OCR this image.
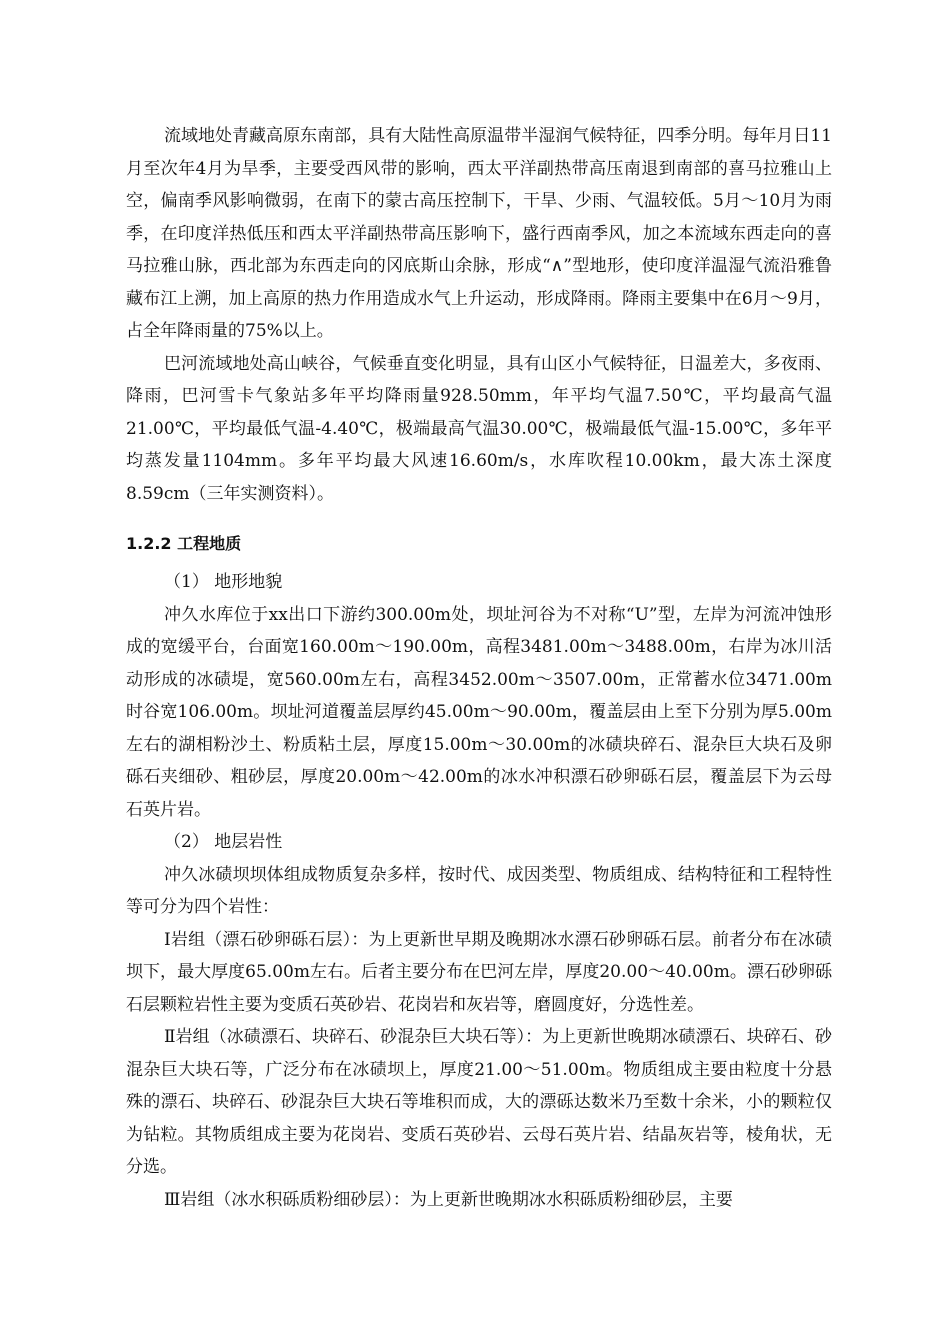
流域地处青藏高原东南部，具有大陆性高原温带半湿润气候特征，四季分明。每年月日11月至次年4月为旱季，主要受西风带的影响，西太平洋副热带高压南退到南部的喜马拉雅山上空，偏南季风影响微弱，在南下的蒙古高压控制下，干旱、少雨、气温较低。5月～10月为雨季，在印度洋热低压和西太平洋副热带高压影响下，盛行西南季风，加之本流域东西走向的喜马拉雅山脉，西北部为东西走向的冈底斯山余脉，形成“∧”型地形，使印度洋温湿气流沿雅鲁藏布江上溯，加上高原的热力作用造成水气上升运动，形成降雨。降雨主要集中在6月～9月，占全年降雨量的75%以上。

巴河流域地处高山峡谷，气候垂直变化明显，具有山区小气候特征，日温差大，多夜雨、降雨，巴河雪卡气象站多年平均降雨量928.50mm，年平均气温7.50℃，平均最高气温21.00℃，平均最低气温-4.40℃，极端最高气温30.00℃，极端最低气温-15.00℃，多年平均蒸发量1104mm。多年平均最大风速16.60m/s，水库吹程10.00km，最大冻土深度8.59cm（三年实测资料）。

1.2.2 工程地质

（1） 地形地貌

冲久水库位于xx出口下游约300.00m处，坝址河谷为不对称“U”型，左岸为河流冲蚀形成的宽缓平台，台面宽160.00m～190.00m，高程3481.00m～3488.00m，右岸为冰川活动形成的冰碛堤，宽560.00m左右，高程3452.00m～3507.00m，正常蓄水位3471.00m时谷宽106.00m。坝址河道覆盖层厚约45.00m～90.00m，覆盖层由上至下分别为厚5.00m左右的湖相粉沙土、粉质粘土层，厚度15.00m～30.00m的冰碛块碎石、混杂巨大块石及卵砾石夹细砂、粗砂层，厚度20.00m～42.00m的冰水冲积漂石砂卵砾石层，覆盖层下为云母石英片岩。

（2） 地层岩性

冲久冰碛坝坝体组成物质复杂多样，按时代、成因类型、物质组成、结构特征和工程特性等可分为四个岩性：

Ⅰ岩组（漂石砂卵砾石层）：为上更新世早期及晚期冰水漂石砂卵砾石层。前者分布在冰碛坝下，最大厚度65.00m左右。后者主要分布在巴河左岸，厚度20.00～40.00m。漂石砂卵砾石层颗粒岩性主要为变质石英砂岩、花岗岩和灰岩等，磨圆度好，分选性差。

Ⅱ岩组（冰碛漂石、块碎石、砂混杂巨大块石等）：为上更新世晚期冰碛漂石、块碎石、砂混杂巨大块石等，广泛分布在冰碛坝上，厚度21.00～51.00m。物质组成主要由粒度十分悬殊的漂石、块碎石、砂混杂巨大块石等堆积而成，大的漂砾达数米乃至数十余米，小的颗粒仅为钻粒。其物质组成主要为花岗岩、变质石英砂岩、云母石英片岩、结晶灰岩等，棱角状，无分选。

Ⅲ岩组（冰水积砾质粉细砂层）：为上更新世晚期冰水积砾质粉细砂层，主要
